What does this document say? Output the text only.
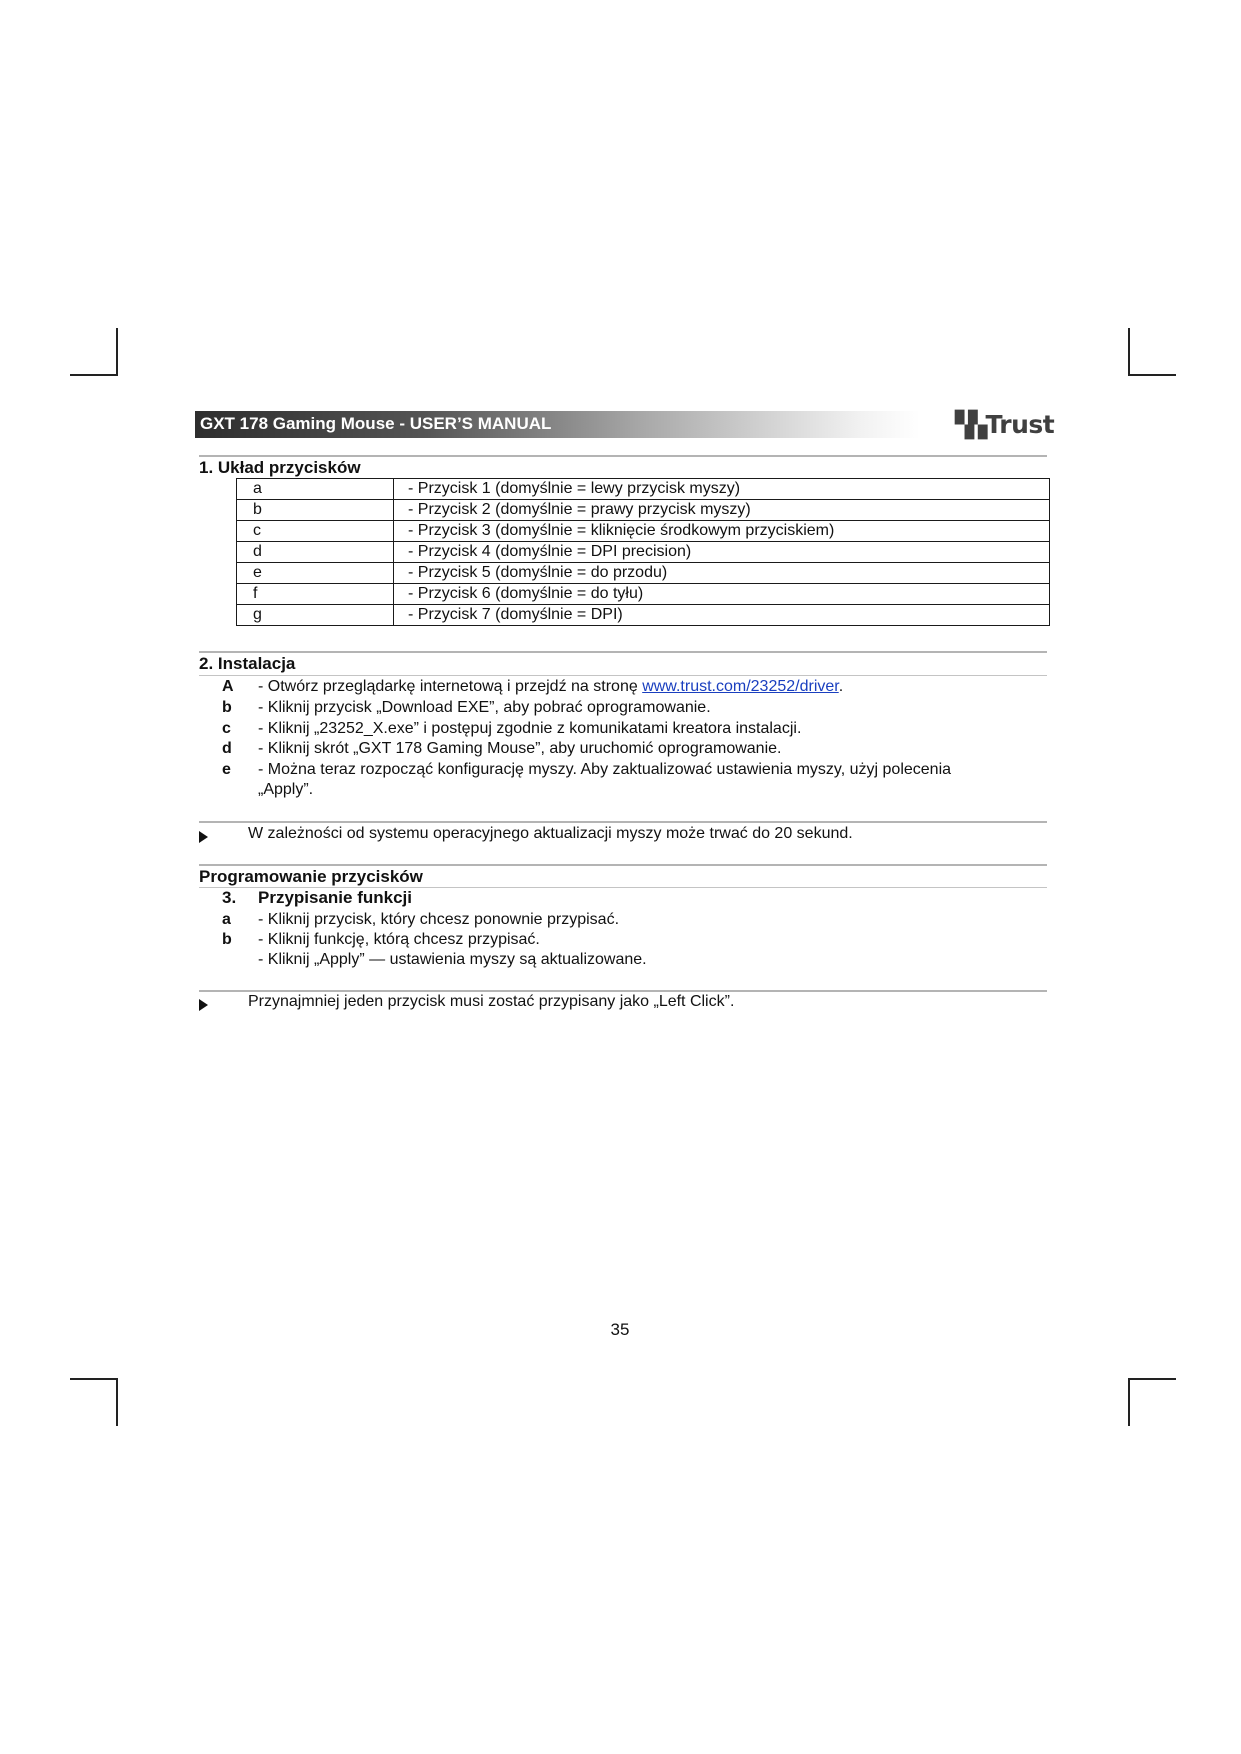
GXT 178 Gaming Mouse - USER’S MANUAL	▚▚ Trust
1. Układ przycisków
a	- Przycisk 1 (domyślnie = lewy przycisk myszy)
b	- Przycisk 2 (domyślnie = prawy przycisk myszy)
c	- Przycisk 3 (domyślnie = kliknięcie środkowym przyciskiem)
d	- Przycisk 4 (domyślnie = DPI precision)
e	- Przycisk 5 (domyślnie = do przodu)
f	- Przycisk 6 (domyślnie = do tyłu)
g	- Przycisk 7 (domyślnie = DPI)
2. Instalacja
A - Otwórz przeglądarkę internetową i przejdź na stronę www.trust.com/23252/driver.
b - Kliknij przycisk „Download EXE”, aby pobrać oprogramowanie.
c - Kliknij „23252_X.exe” i postępuj zgodnie z komunikatami kreatora instalacji.
d - Kliknij skrót „GXT 178 Gaming Mouse”, aby uruchomić oprogramowanie.
e - Można teraz rozpocząć konfigurację myszy. Aby zaktualizować ustawienia myszy, użyj polecenia
„Apply”.
W zależności od systemu operacyjnego aktualizacji myszy może trwać do 20 sekund.
Programowanie przycisków
3. Przypisanie funkcji
a - Kliknij przycisk, który chcesz ponownie przypisać.
b - Kliknij funkcję, którą chcesz przypisać.
- Kliknij „Apply” — ustawienia myszy są aktualizowane.
Przynajmniej jeden przycisk musi zostać przypisany jako „Left Click”.
35
